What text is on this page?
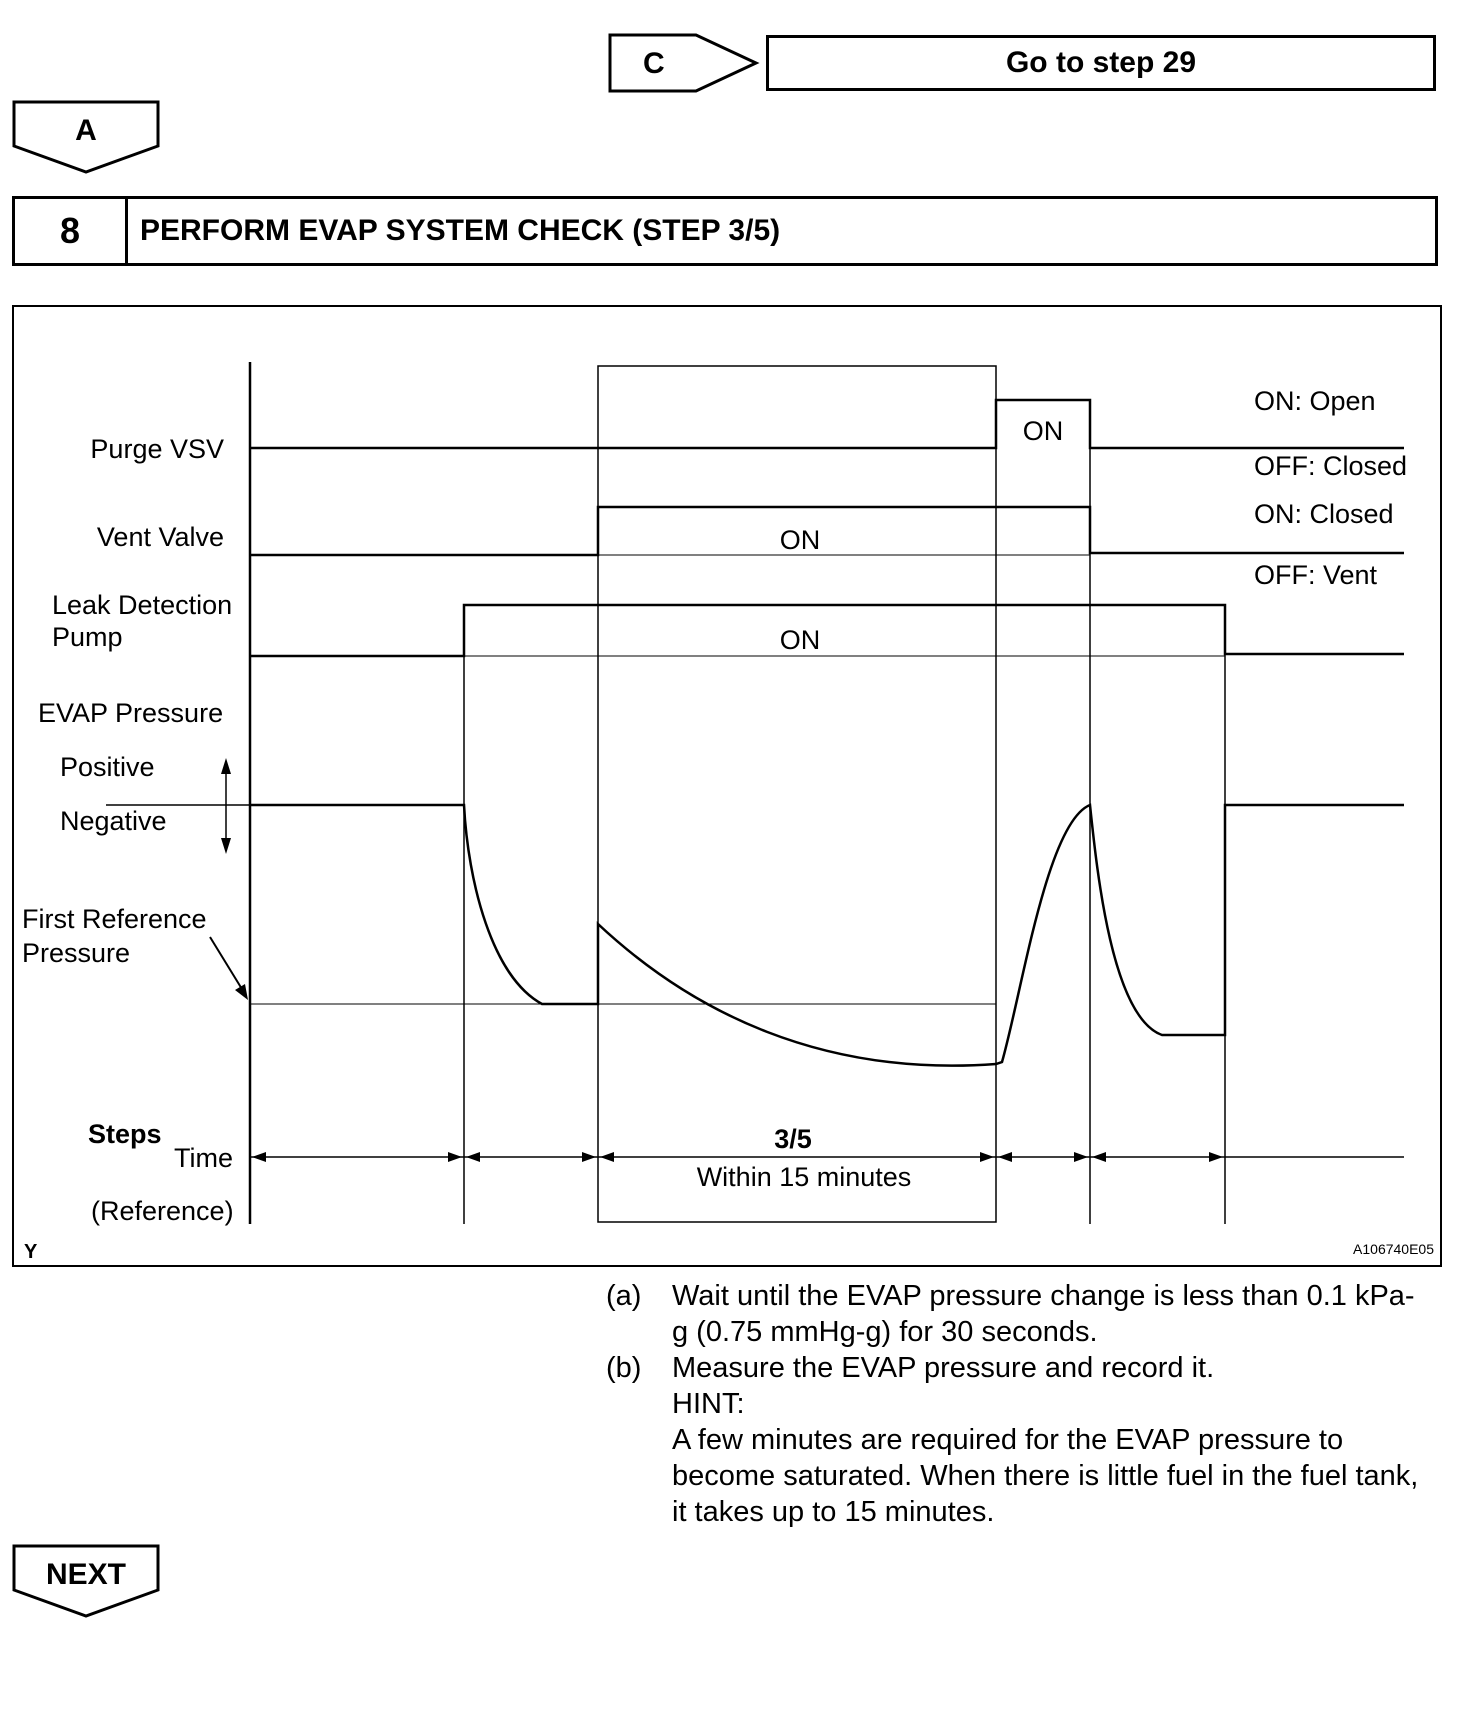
C	Go to step 29
A
8	PERFORM EVAP SYSTEM CHECK (STEP 3/5)
Purge VSV
Vent Valve
Leak Detection
Pump
EVAP Pressure
Positive
Negative
First Reference
Pressure
ON: Open
OFF: Closed
ON: Closed
OFF: Vent
ON
ON
ON
Steps
Time
(Reference)
3/5
Within 15 minutes
Y	A106740E05
(a)	Wait until the EVAP pressure change is less than 0.1 kPa-g (0.75 mmHg-g) for 30 seconds.
(b)	Measure the EVAP pressure and record it.
HINT:
A few minutes are required for the EVAP pressure to become saturated. When there is little fuel in the fuel tank, it takes up to 15 minutes.
NEXT
